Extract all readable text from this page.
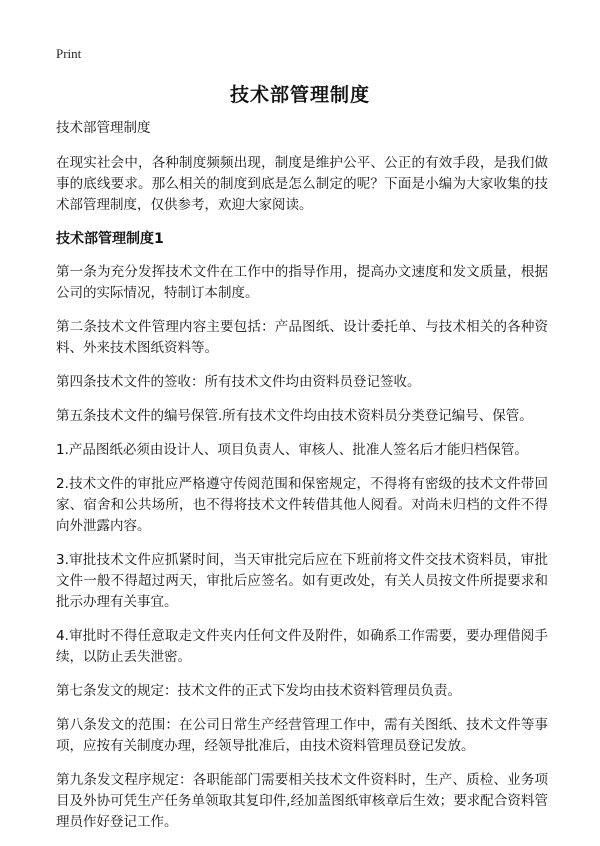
Print
技术部管理制度

技术部管理制度

在现实社会中，各种制度频频出现，制度是维护公平、公正的有效手段，是我们做事的底线要求。那么相关的制度到底是怎么制定的呢？下面是小编为大家收集的技术部管理制度，仅供参考，欢迎大家阅读。

技术部管理制度1

第一条为充分发挥技术文件在工作中的指导作用，提高办文速度和发文质量，根据公司的实际情况，特制订本制度。

第二条技术文件管理内容主要包括：产品图纸、设计委托单、与技术相关的各种资料、外来技术图纸资料等。

第四条技术文件的签收：所有技术文件均由资料员登记签收。

第五条技术文件的编号保管.所有技术文件均由技术资料员分类登记编号、保管。

1.产品图纸必须由设计人、项目负责人、审核人、批准人签名后才能归档保管。

2.技术文件的审批应严格遵守传阅范围和保密规定，不得将有密级的技术文件带回家、宿舍和公共场所，也不得将技术文件转借其他人阅看。对尚未归档的文件不得向外泄露内容。

3.审批技术文件应抓紧时间，当天审批完后应在下班前将文件交技术资料员，审批文件一般不得超过两天，审批后应签名。如有更改处，有关人员按文件所提要求和批示办理有关事宜。

4.审批时不得任意取走文件夹内任何文件及附件，如确系工作需要，要办理借阅手续，以防止丢失泄密。

第七条发文的规定：技术文件的正式下发均由技术资料管理员负责。

第八条发文的范围：在公司日常生产经营管理工作中，需有关图纸、技术文件等事项，应按有关制度办理，经领导批准后，由技术资料管理员登记发放。

第九条发文程序规定：各职能部门需要相关技术文件资料时，生产、质检、业务项目及外协可凭生产任务单领取其复印件,经加盖图纸审核章后生效；要求配合资料管理员作好登记工作。
